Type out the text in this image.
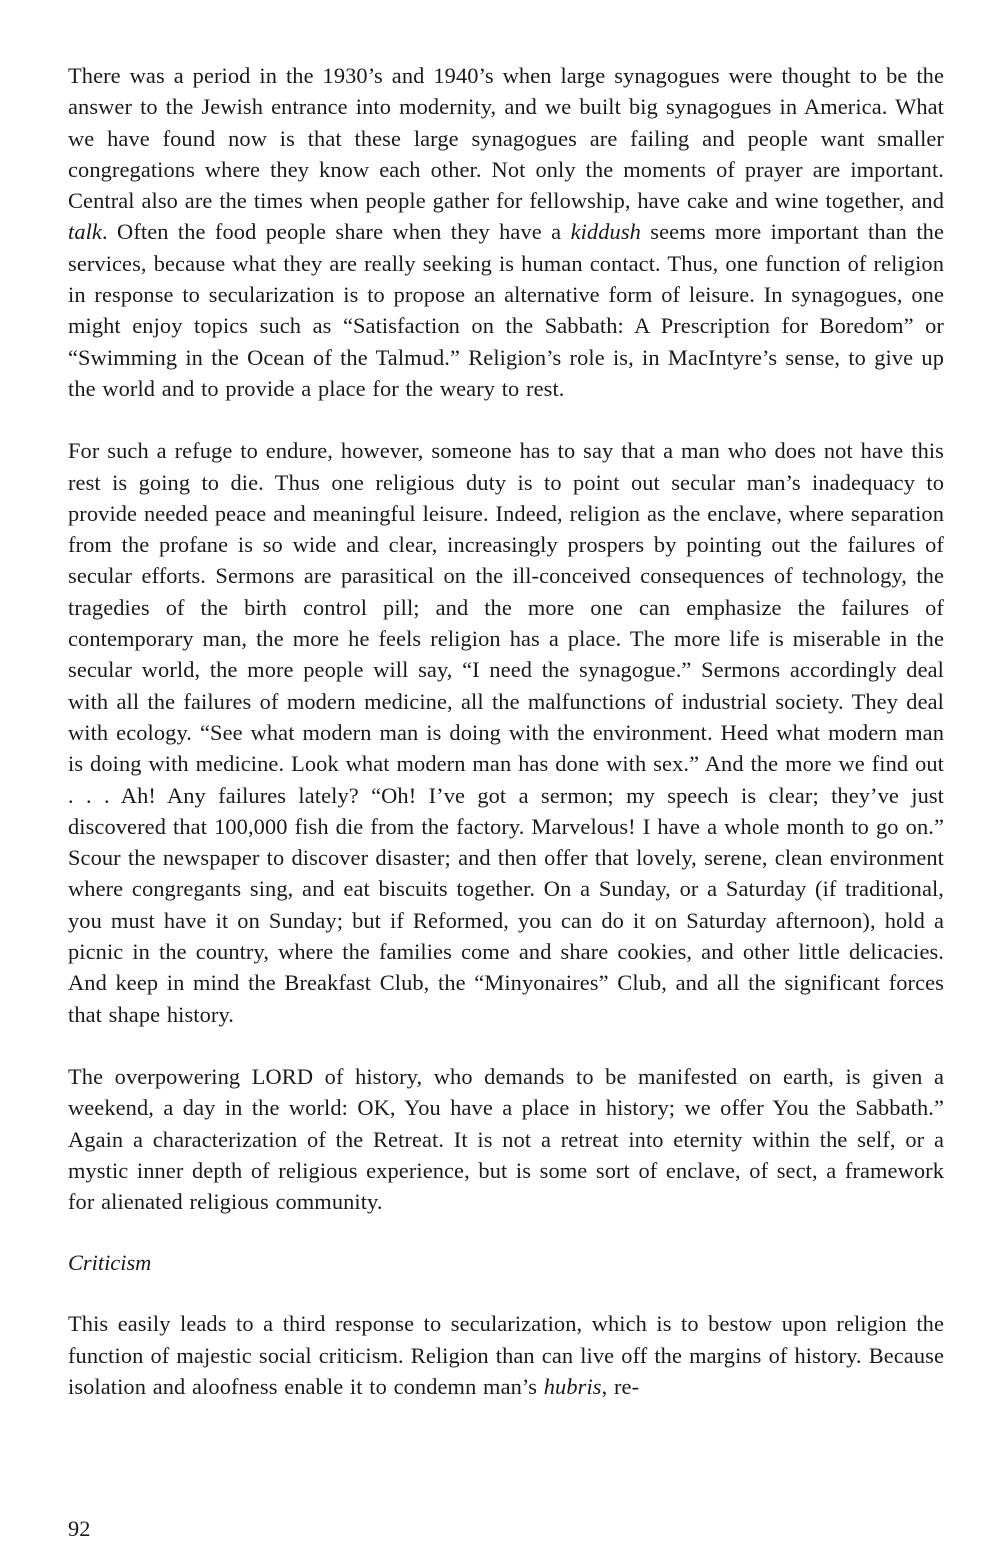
There was a period in the 1930’s and 1940’s when large synagogues were thought to be the answer to the Jewish entrance into modernity, and we built big synagogues in America. What we have found now is that these large synagogues are failing and people want smaller congregations where they know each other. Not only the moments of prayer are important. Central also are the times when people gather for fellowship, have cake and wine together, and talk. Often the food people share when they have a kiddush seems more important than the services, because what they are really seeking is human contact. Thus, one function of religion in response to secularization is to propose an alternative form of leisure. In synagogues, one might enjoy topics such as “Satisfaction on the Sabbath: A Prescription for Boredom” or “Swimming in the Ocean of the Talmud.” Religion’s role is, in MacIntyre’s sense, to give up the world and to provide a place for the weary to rest.

For such a refuge to endure, however, someone has to say that a man who does not have this rest is going to die. Thus one religious duty is to point out secular man’s inadequacy to provide needed peace and meaningful leisure. Indeed, religion as the enclave, where separation from the profane is so wide and clear, increasingly prospers by pointing out the failures of secular efforts. Sermons are parasitical on the ill-conceived consequences of technology, the tragedies of the birth control pill; and the more one can emphasize the failures of contemporary man, the more he feels religion has a place. The more life is miserable in the secular world, the more people will say, “I need the synagogue.” Sermons accordingly deal with all the failures of modern medicine, all the malfunctions of industrial society. They deal with ecology. “See what modern man is doing with the environment. Heed what modern man is doing with medicine. Look what modern man has done with sex.” And the more we find out . . . Ah! Any failures lately? “Oh! I’ve got a sermon; my speech is clear; they’ve just discovered that 100,000 fish die from the factory. Marvelous! I have a whole month to go on.” Scour the newspaper to discover disaster; and then offer that lovely, serene, clean environment where congregants sing, and eat biscuits together. On a Sunday, or a Saturday (if traditional, you must have it on Sunday; but if Reformed, you can do it on Saturday afternoon), hold a picnic in the country, where the families come and share cookies, and other little delicacies. And keep in mind the Breakfast Club, the “Minyonaires” Club, and all the significant forces that shape history.

The overpowering LORD of history, who demands to be manifested on earth, is given a weekend, a day in the world: OK, You have a place in history; we offer You the Sabbath.” Again a characterization of the Retreat. It is not a retreat into eternity within the self, or a mystic inner depth of religious experience, but is some sort of enclave, of sect, a framework for alienated religious community.

Criticism

This easily leads to a third response to secularization, which is to bestow upon religion the function of majestic social criticism. Religion than can live off the margins of history. Because isolation and aloofness enable it to condemn man’s hubris, re-

92
